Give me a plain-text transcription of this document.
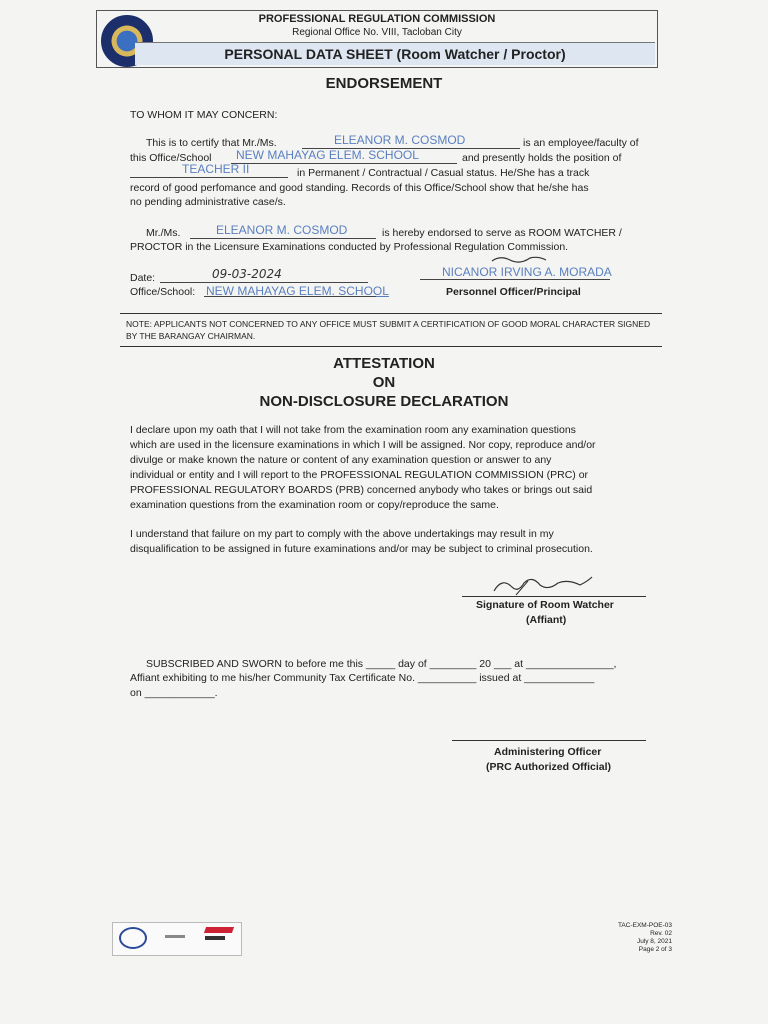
PROFESSIONAL REGULATION COMMISSION
Regional Office No. VIII, Tacloban City
PERSONAL DATA SHEET (Room Watcher / Proctor)
ENDORSEMENT
TO WHOM IT MAY CONCERN:
This is to certify that Mr./Ms.	ELEANOR M. COSMOD	is an employee/faculty of
this Office/School NEW MAHAYAG ELEM. SCHOOL	and presently holds the position of
TEACHER II	in Permanent / Contractual / Casual status. He/She has a track
record of good perfomance and good standing. Records of this Office/School show that he/she has
no pending administrative case/s.
Mr./Ms.	ELEANOR M. COSMOD	is hereby endorsed to serve as ROOM WATCHER /
PROCTOR in the Licensure Examinations conducted by Professional Regulation Commission.
Date:	09-03-2024
Office/School: NEW MAHAYAG ELEM. SCHOOL
NICANOR IRVING A. MORADA
Personnel Officer/Principal
NOTE: APPLICANTS NOT CONCERNED TO ANY OFFICE MUST SUBMIT A CERTIFICATION OF GOOD MORAL CHARACTER SIGNED BY THE BARANGAY CHAIRMAN.
ATTESTATION
ON
NON-DISCLOSURE DECLARATION
I declare upon my oath that I will not take from the examination room any examination questions
which are used in the licensure examinations in which I will be assigned. Nor copy, reproduce and/or
divulge or make known the nature or content of any examination question or answer to any
individual or entity and I will report to the PROFESSIONAL REGULATION COMMISSION (PRC) or
PROFESSIONAL REGULATORY BOARDS (PRB) concerned anybody who takes or brings out said
examination questions from the examination room or copy/reproduce the same.
I understand that failure on my part to comply with the above undertakings may result in my
disqualification to be assigned in future examinations and/or may be subject to criminal prosecution.
Signature of Room Watcher
(Affiant)
SUBSCRIBED AND SWORN to before me this _____ day of ________ 20 ___ at _______________,
Affiant exhibiting to me his/her Community Tax Certificate No. __________ issued at ____________
on ____________.
Administering Officer
(PRC Authorized Official)
TAC-EXM-POE-03
Rev. 02
July 8, 2021
Page 2 of 3
